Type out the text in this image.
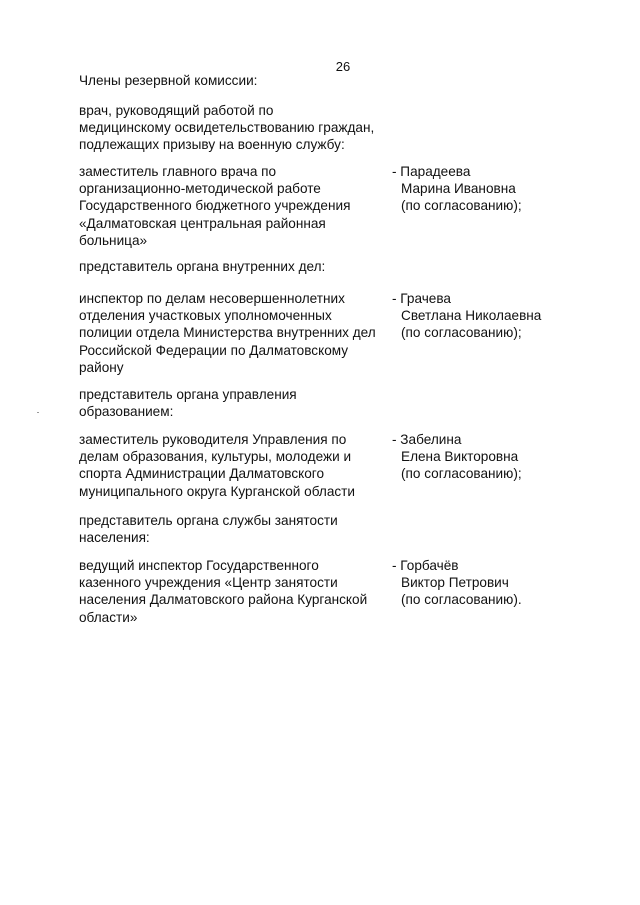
26
Члены резервной комиссии:
врач, руководящий работой по
медицинскому освидетельствованию граждан,
подлежащих призыву на военную службу:
заместитель главного врача по
организационно-методической работе
Государственного бюджетного учреждения
«Далматовская центральная районная
больница»
- Парадеева
Марина Ивановна
(по согласованию);
представитель органа внутренних дел:
инспектор по делам несовершеннолетних
отделения участковых уполномоченных
полиции отдела Министерства внутренних дел
Российской Федерации по Далматовскому
району
- Грачева
Светлана Николаевна
(по согласованию);
представитель органа управления
образованием:
заместитель руководителя Управления по
делам образования, культуры, молодежи и
спорта Администрации Далматовского
муниципального округа Курганской области
- Забелина
Елена Викторовна
(по согласованию);
представитель органа службы занятости
населения:
ведущий инспектор Государственного
казенного учреждения «Центр занятости
населения Далматовского района Курганской
области»
- Горбачёв
Виктор Петрович
(по согласованию).
